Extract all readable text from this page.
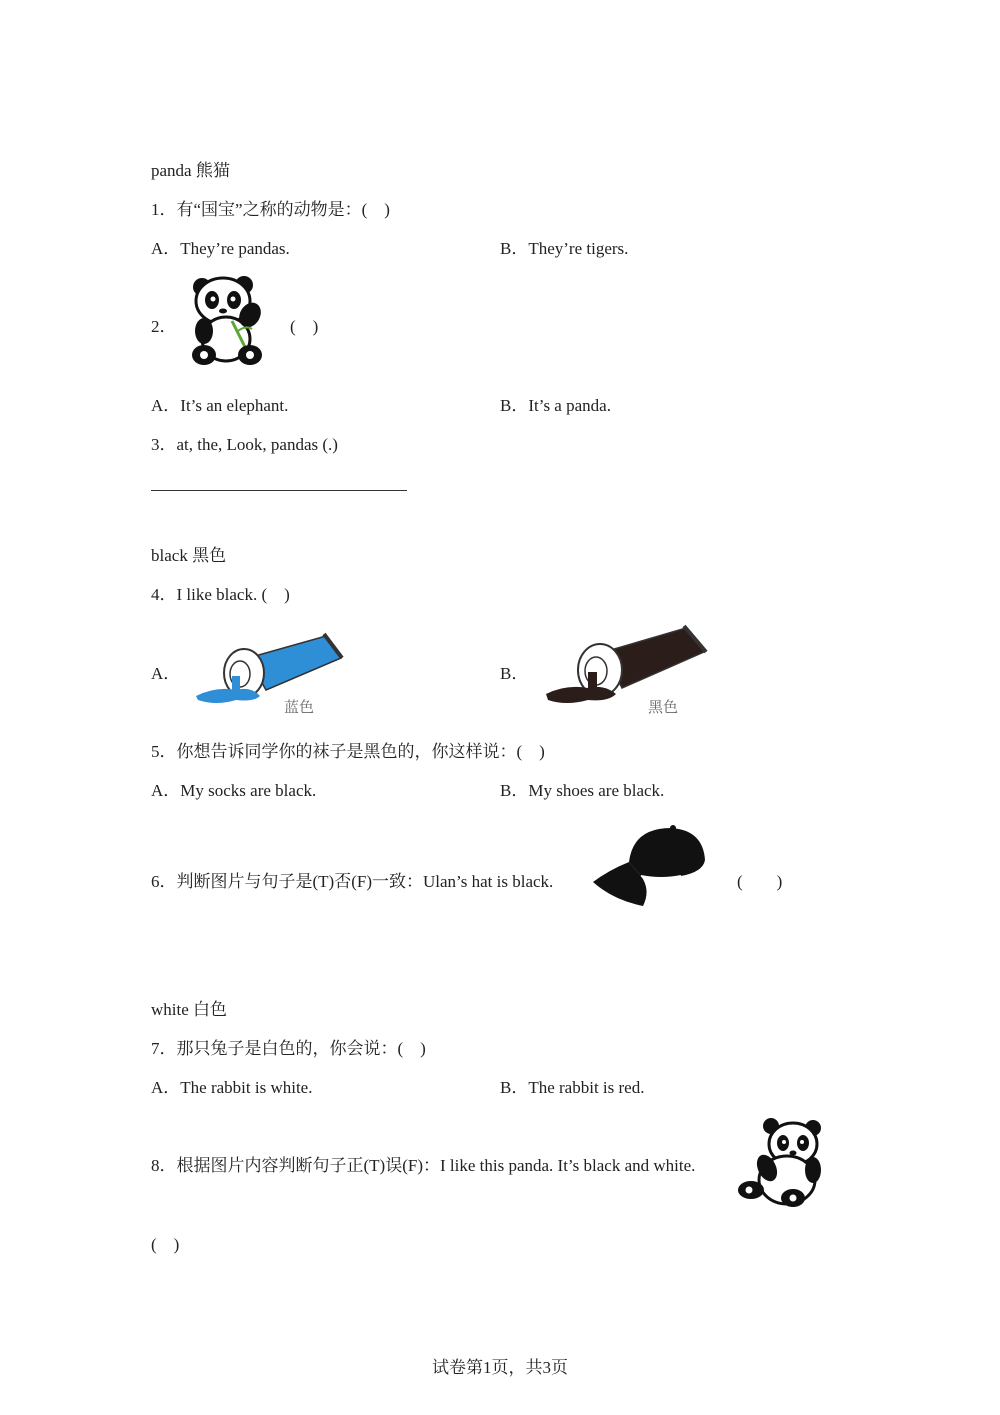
panda 熊猫
1．有“国宝”之称的动物是：(　)
A．They’re pandas.	B．They’re tigers.
2．	(　)
A．It’s an elephant.	B．It’s a panda.
3．at, the, Look, pandas (.)
black 黑色
4．I like black. (　)
A．
蓝色
B．
黑色
5．你想告诉同学你的袜子是黑色的，你这样说：(　)
A．My socks are black.	B．My shoes are black.
6．判断图片与句子是(T)否(F)一致：Ulan’s hat is black.	(　　)
white 白色
7．那只兔子是白色的，你会说：(　)
A．The rabbit is white.	B．The rabbit is red.
8．根据图片内容判断句子正(T)误(F)：I like this panda. It’s black and white.
(　)
试卷第1页，共3页
